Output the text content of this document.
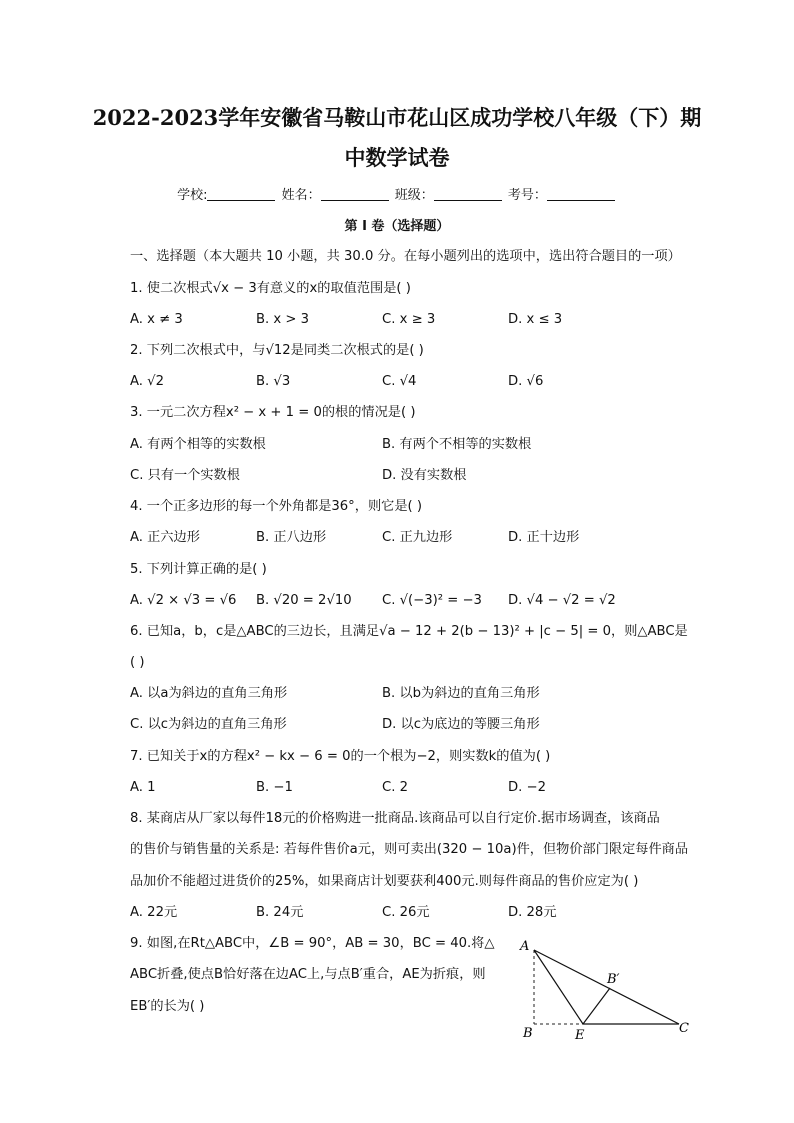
2022-2023学年安徽省马鞍山市花山区成功学校八年级（下）期
中数学试卷
学校:	姓名：	班级：	考号：
第 I 卷（选择题）
一、选择题（本大题共 10 小题，共 30.0 分。在每小题列出的选项中，选出符合题目的一项）
1. 使二次根式√x − 3有意义的x的取值范围是( )
A. x ≠ 3	B. x > 3	C. x ≥ 3	D. x ≤ 3
2. 下列二次根式中，与√12是同类二次根式的是( )
A. √2	B. √3	C. √4	D. √6
3. 一元二次方程x² − x + 1 = 0的根的情况是( )
A. 有两个相等的实数根	B. 有两个不相等的实数根
C. 只有一个实数根	D. 没有实数根
4. 一个正多边形的每一个外角都是36°，则它是( )
A. 正六边形	B. 正八边形	C. 正九边形	D. 正十边形
5. 下列计算正确的是( )
A. √2 × √3 = √6 B. √20 = 2√10 C. √(−3)² = −3 D. √4 − √2 = √2
6. 已知a，b，c是△ABC的三边长，且满足√a − 12 + 2(b − 13)² + |c − 5| = 0，则△ABC是
( )
A. 以a为斜边的直角三角形	B. 以b为斜边的直角三角形
C. 以c为斜边的直角三角形	D. 以c为底边的等腰三角形
7. 已知关于x的方程x² − kx − 6 = 0的一个根为−2，则实数k的值为( )
A. 1	B. −1	C. 2	D. −2
8. 某商店从厂家以每件18元的价格购进一批商品.该商品可以自行定价.据市场调查，该商品
的售价与销售量的关系是: 若每件售价a元，则可卖出(320 − 10a)件，但物价部门限定每件商品
品加价不能超过进货价的25%，如果商店计划要获利400元.则每件商品的售价应定为( )
A. 22元	B. 24元	C. 26元	D. 28元
9. 如图,在Rt△ABC中，∠B = 90°，AB = 30，BC = 40.将△
ABC折叠,使点B恰好落在边AC上,与点B′重合，AE为折痕，则
EB′的长为( )
A
B′
B	E	C
